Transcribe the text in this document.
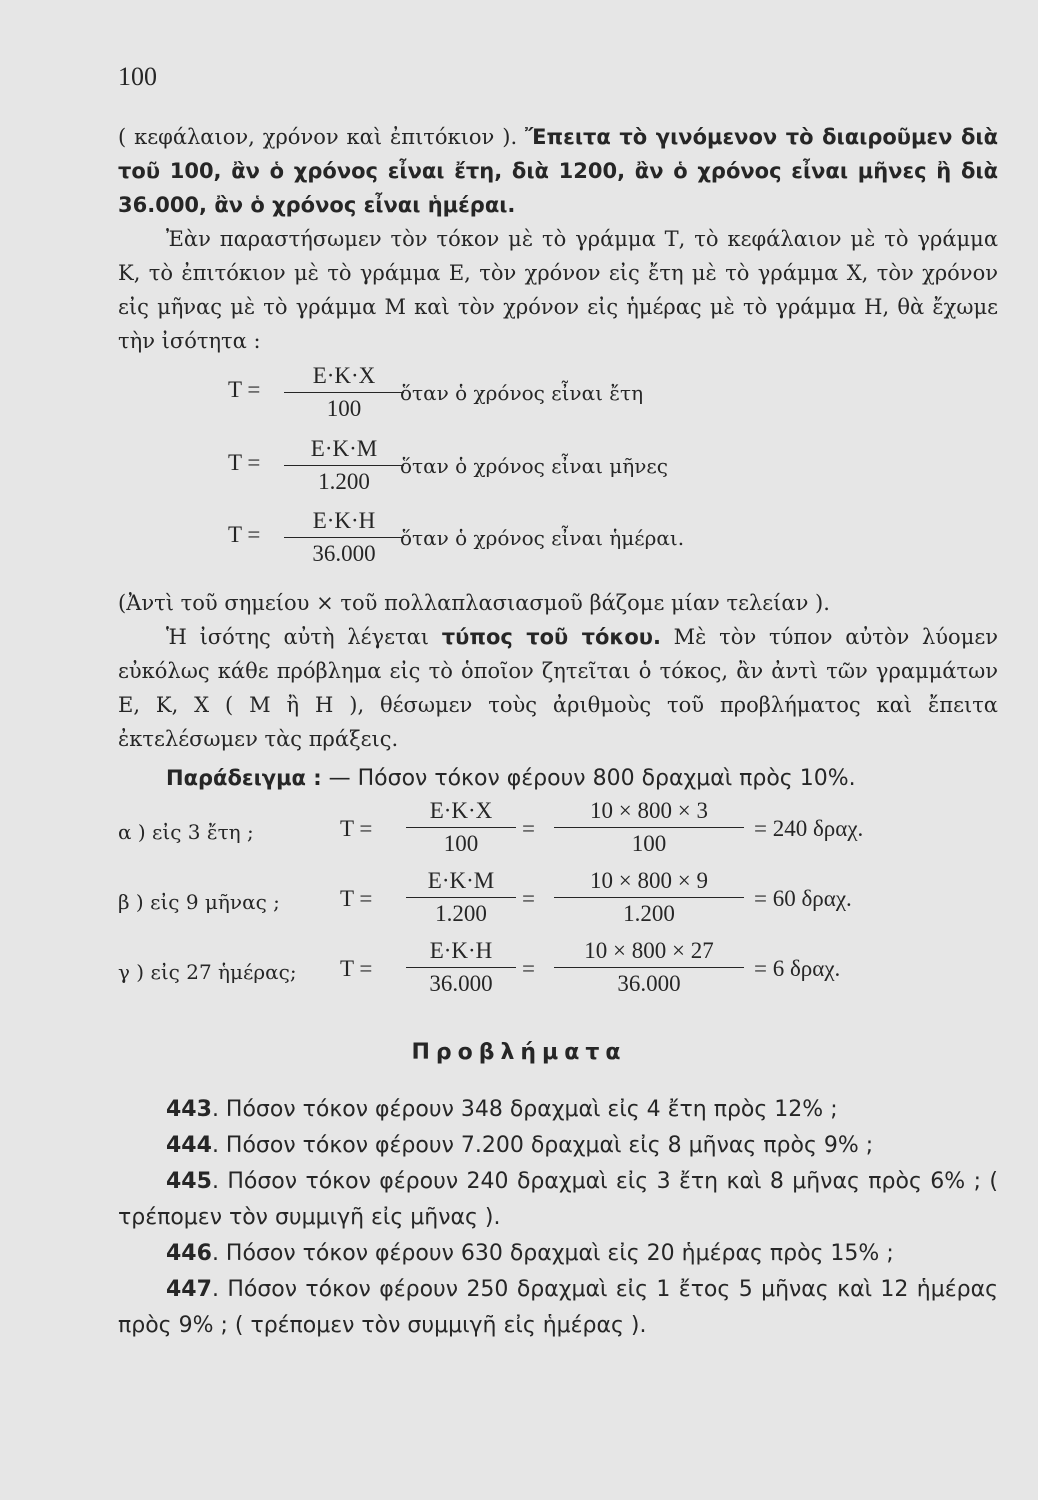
100
( κεφάλαιον, χρόνον καὶ ἐπιτόκιον ). Ἔπειτα τὸ γινόμενον τὸ διαιροῦμεν διὰ τοῦ 100, ἂν ὁ χρόνος εἶναι ἔτη, διὰ 1200, ἂν ὁ χρόνος εἶναι μῆνες ἢ διὰ 36.000, ἂν ὁ χρόνος εἶναι ἡμέραι.
Ἐὰν παραστήσωμεν τὸν τόκον μὲ τὸ γράμμα Τ, τὸ κεφάλαιον μὲ τὸ γράμμα Κ, τὸ ἐπιτόκιον μὲ τὸ γράμμα Ε, τὸν χρόνον εἰς ἔτη μὲ τὸ γράμμα Χ, τὸν χρόνον εἰς μῆνας μὲ τὸ γράμμα Μ καὶ τὸν χρόνον εἰς ἡμέρας μὲ τὸ γράμμα Η, θὰ ἔχωμε τὴν ἰσότητα :
$T = \frac{E\cdot K\cdot X}{100}$
ὅταν ὁ χρόνος εἶναι ἔτη
$T = \frac{E\cdot K\cdot M}{1.200}$
ὅταν ὁ χρόνος εἶναι μῆνες
$T = \frac{E\cdot K\cdot H}{36.000}$
ὅταν ὁ χρόνος εἶναι ἡμέραι.
(Ἀντὶ τοῦ σημείου × τοῦ πολλαπλασιασμοῦ βάζομε μίαν τελείαν ).
Ἡ ἰσότης αὐτὴ λέγεται τύπος τοῦ τόκου. Μὲ τὸν τύπον αὐτὸν λύομεν εὐκόλως κάθε πρόβλημα εἰς τὸ ὁποῖον ζητεῖται ὁ τόκος, ἂν ἀντὶ τῶν γραμμάτων Ε, Κ, Χ ( Μ ἢ Η ), θέσωμεν τοὺς ἀριθμοὺς τοῦ προβλήματος καὶ ἔπειτα ἐκτελέσωμεν τὰς πράξεις.
Παράδειγμα : — Πόσον τόκον φέρουν 800 δραχμαὶ πρὸς 10%.
α ) εἰς 3 ἔτη ;	$T = \frac{E\cdot K\cdot X}{100} = \frac{10 \times 800 \times 3}{100} = 240$ δραχ.
β ) εἰς 9 μῆνας ;	$T = \frac{E\cdot K\cdot M}{1.200} = \frac{10 \times 800 \times 9}{1.200} = 60$ δραχ.
γ ) εἰς 27 ἡμέρας; $T = \frac{E\cdot K\cdot H}{36.000} = \frac{10 \times 800 \times 27}{36.000} = 6$ δραχ.
Προβλήματα
443. Πόσον τόκον φέρουν 348 δραχμαὶ εἰς 4 ἔτη πρὸς 12% ;
444. Πόσον τόκον φέρουν 7.200 δραχμαὶ εἰς 8 μῆνας πρὸς 9% ;
445. Πόσον τόκον φέρουν 240 δραχμαὶ εἰς 3 ἔτη καὶ 8 μῆνας πρὸς 6% ; ( τρέπομεν τὸν συμμιγῆ εἰς μῆνας ).
446. Πόσον τόκον φέρουν 630 δραχμαὶ εἰς 20 ἡμέρας πρὸς 15% ;
447. Πόσον τόκον φέρουν 250 δραχμαὶ εἰς 1 ἔτος 5 μῆνας καὶ 12 ἡμέρας πρὸς 9% ; ( τρέπομεν τὸν συμμιγῆ εἰς ἡμέρας ).
